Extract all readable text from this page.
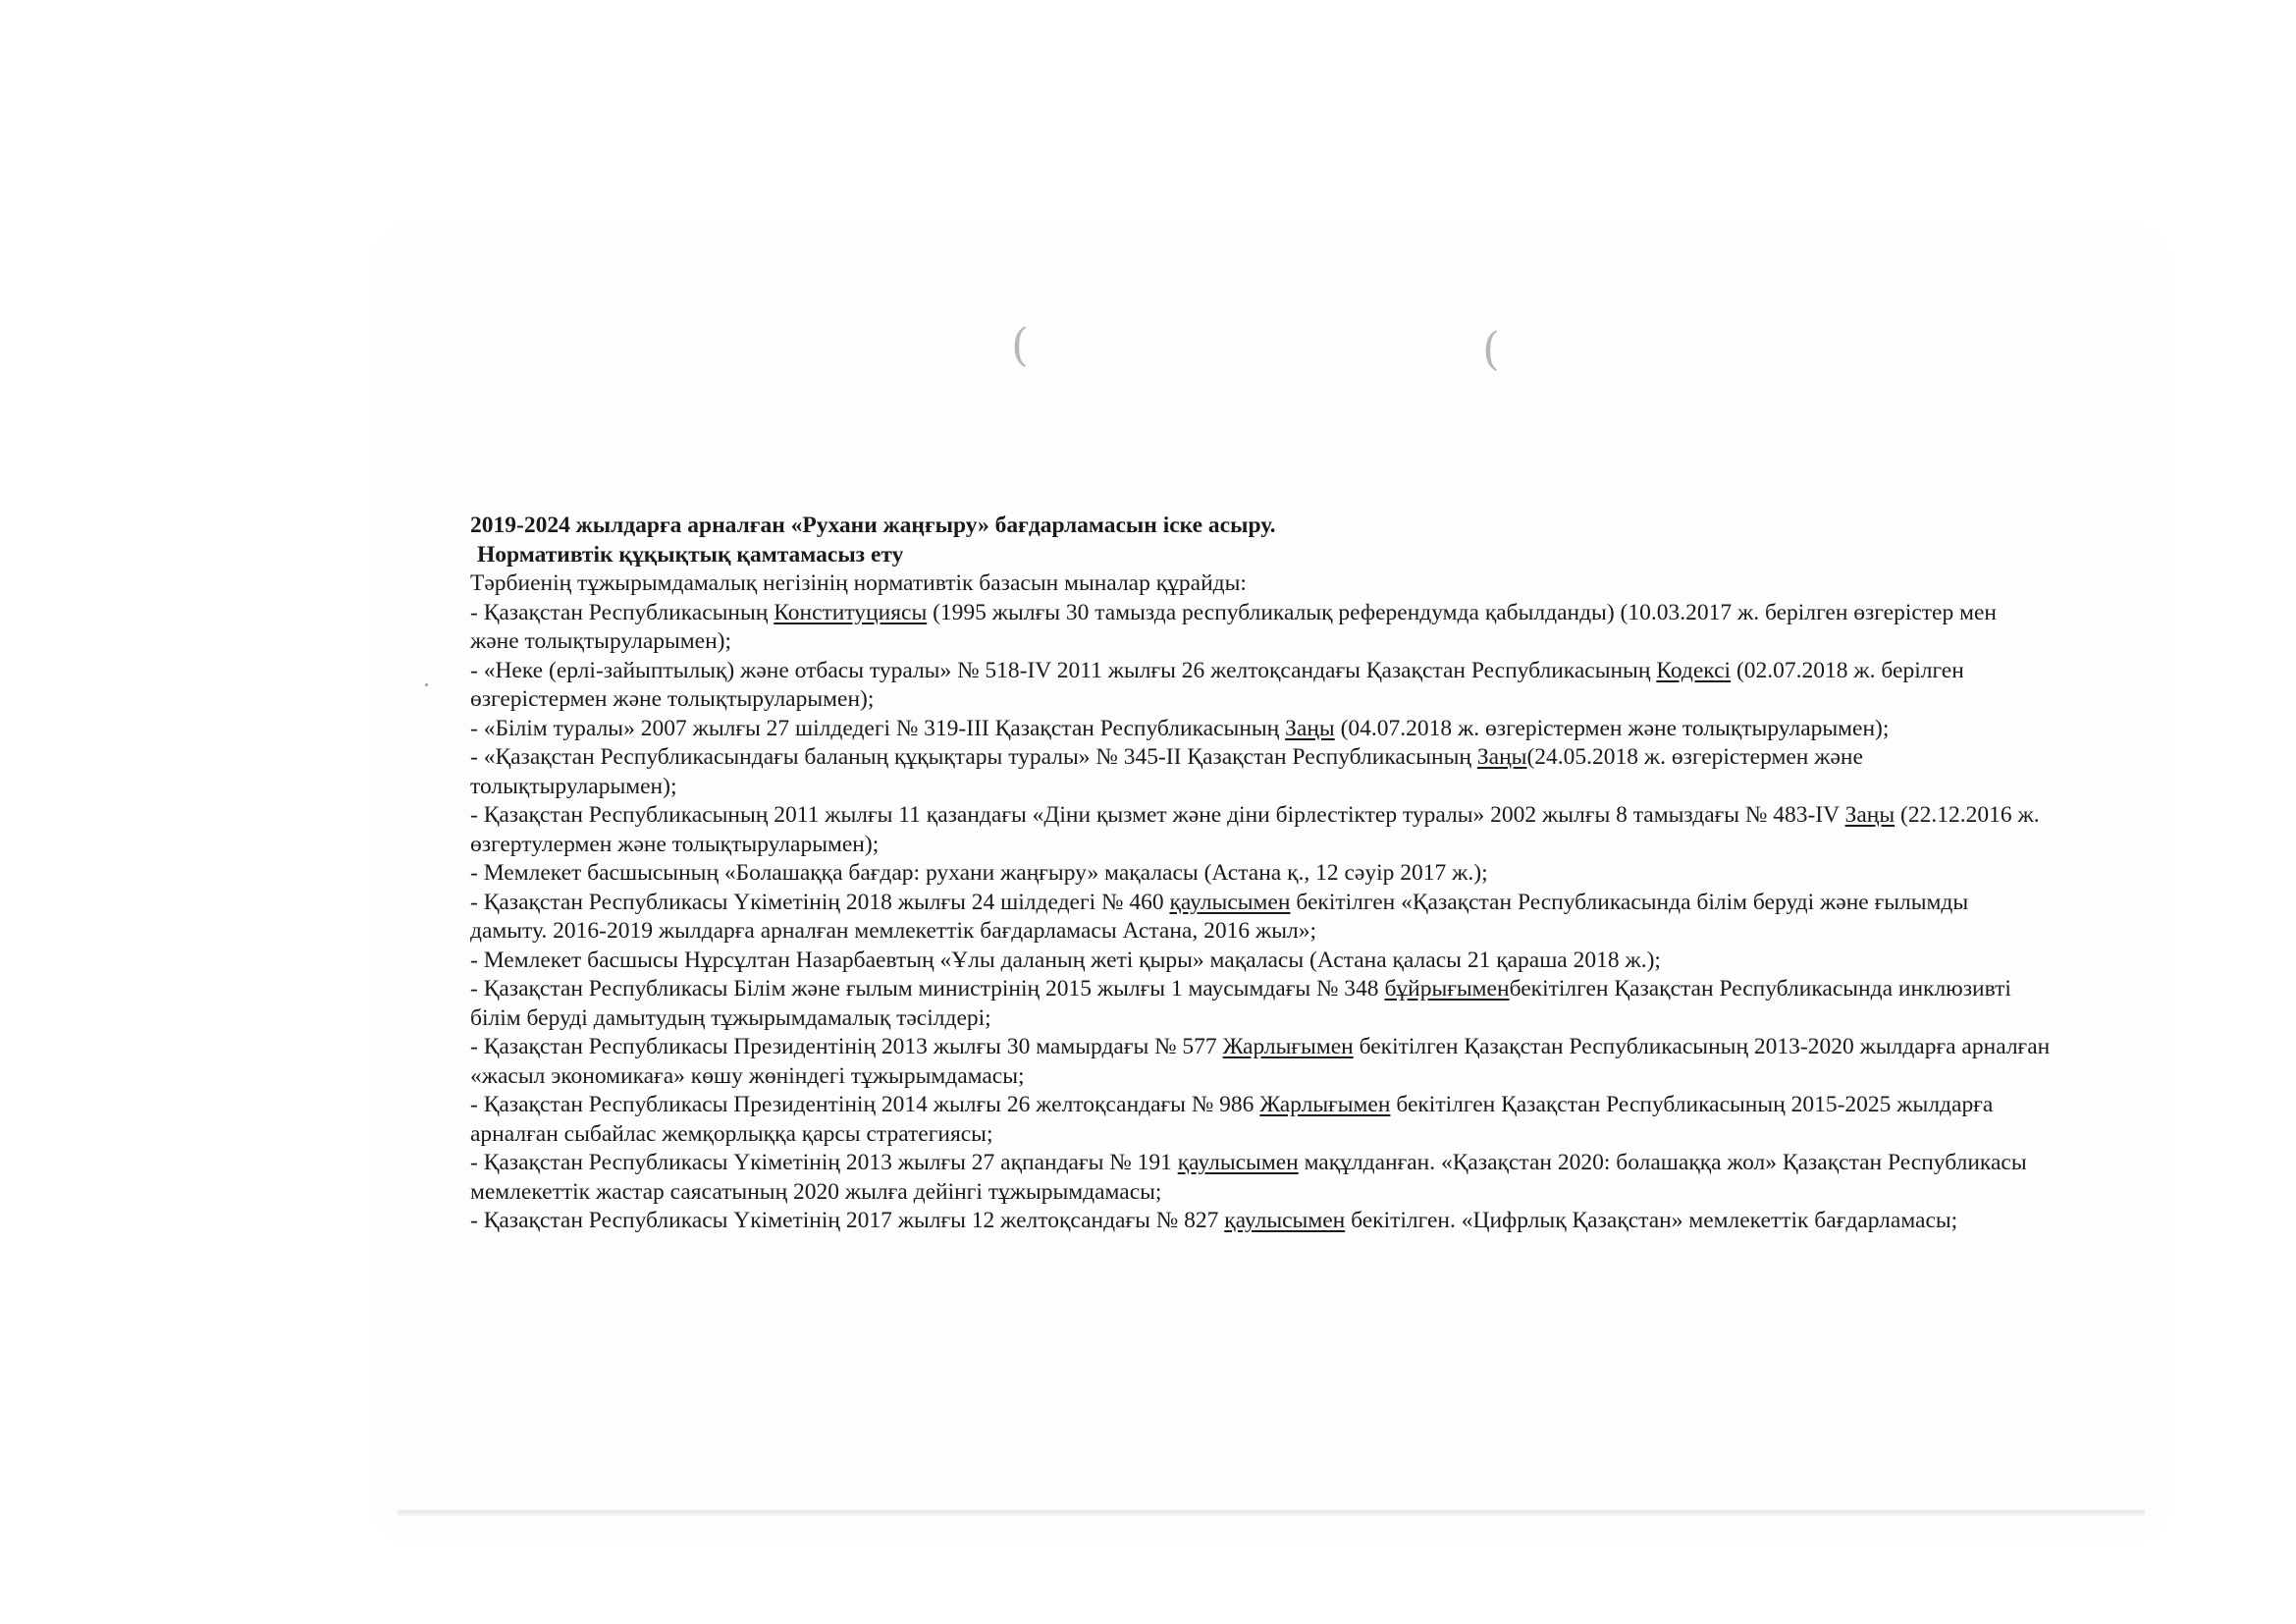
(	(

2019-2024 жылдарға арналған «Рухани жаңғыру» бағдарламасын іске асыру.

Нормативтік құқықтық қамтамасыз ету

Тәрбиенің тұжырымдамалық негізінің нормативтік базасын мыналар құрайды:

- Қазақстан Республикасының Конституциясы (1995 жылғы 30 тамызда республикалық референдумда қабылданды) (10.03.2017 ж. берілген өзгерістер мен және толықтыруларымен);

- «Неке (ерлі-зайыптылық) және отбасы туралы» № 518-IV 2011 жылғы 26 желтоқсандағы Қазақстан Республикасының Кодексі (02.07.2018 ж. берілген өзгерістермен және толықтыруларымен);

- «Білім туралы» 2007 жылғы 27 шілдедегі № 319-III Қазақстан Республикасының Заңы (04.07.2018 ж. өзгерістермен және толықтыруларымен);

- «Қазақстан Республикасындағы баланың құқықтары туралы» № 345-II Қазақстан Республикасының Заңы(24.05.2018 ж. өзгерістермен және толықтыруларымен);

- Қазақстан Республикасының 2011 жылғы 11 қазандағы «Діни қызмет және діни бірлестіктер туралы» 2002 жылғы 8 тамыздағы № 483-IV Заңы (22.12.2016 ж. өзгертулермен және толықтыруларымен);

- Мемлекет басшысының «Болашаққа бағдар: рухани жаңғыру» мақаласы (Астана қ., 12 сәуір 2017 ж.);

- Қазақстан Республикасы Үкіметінің 2018 жылғы 24 шілдедегі № 460 қаулысымен бекітілген «Қазақстан Республикасында білім беруді және ғылымды дамыту. 2016-2019 жылдарға арналған мемлекеттік бағдарламасы Астана, 2016 жыл»;

- Мемлекет басшысы Нұрсұлтан Назарбаевтың «Ұлы даланың жеті қыры» мақаласы (Астана қаласы 21 қараша 2018 ж.);

- Қазақстан Республикасы Білім және ғылым министрінің 2015 жылғы 1 маусымдағы № 348 бұйрығыменбекітілген Қазақстан Республикасында инклюзивті білім беруді дамытудың тұжырымдамалық тәсілдері;

- Қазақстан Республикасы Президентінің 2013 жылғы 30 мамырдағы № 577 Жарлығымен бекітілген Қазақстан Республикасының 2013-2020 жылдарға арналған «жасыл экономикаға» көшу жөніндегі тұжырымдамасы;

- Қазақстан Республикасы Президентінің 2014 жылғы 26 желтоқсандағы № 986 Жарлығымен бекітілген Қазақстан Республикасының 2015-2025 жылдарға арналған сыбайлас жемқорлыққа қарсы стратегиясы;

- Қазақстан Республикасы Үкіметінің 2013 жылғы 27 ақпандағы № 191 қаулысымен мақұлданған. «Қазақстан 2020: болашаққа жол» Қазақстан Республикасы мемлекеттік жастар саясатының 2020 жылға дейінгі тұжырымдамасы;

- Қазақстан Республикасы Үкіметінің 2017 жылғы 12 желтоқсандағы № 827 қаулысымен бекітілген. «Цифрлық Қазақстан» мемлекеттік бағдарламасы;
